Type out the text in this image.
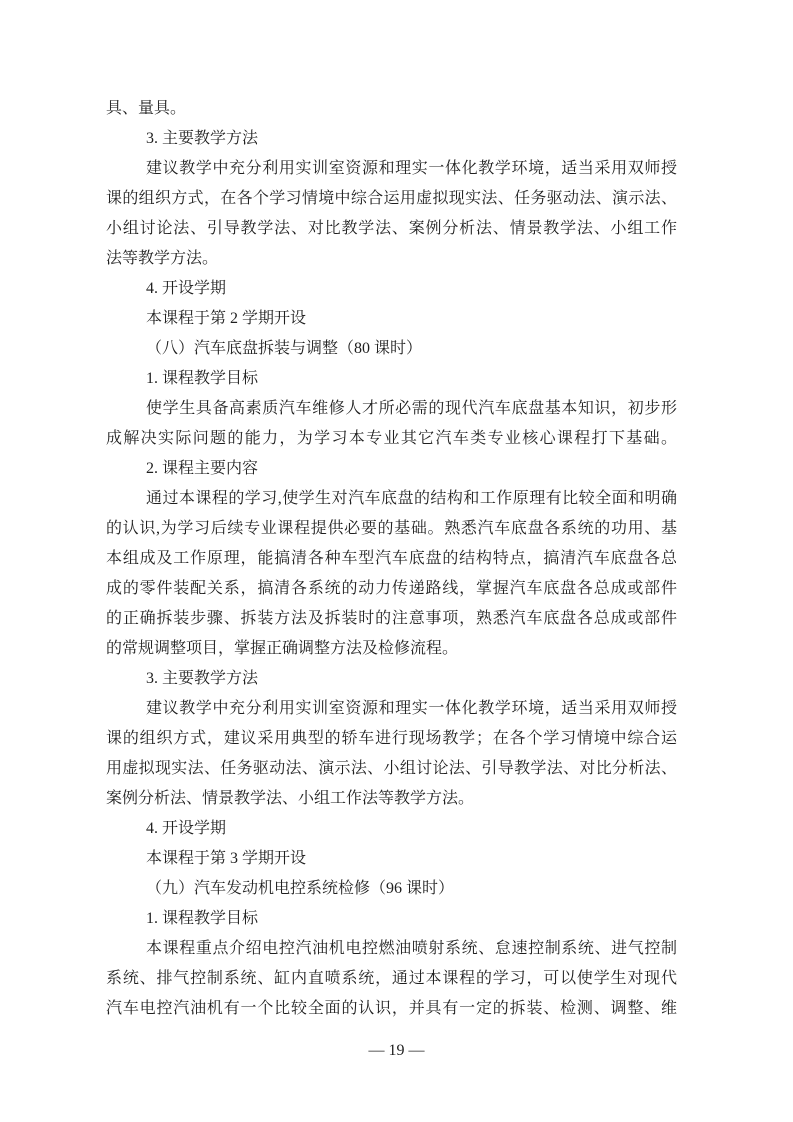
具、量具。
3. 主要教学方法
建议教学中充分利用实训室资源和理实一体化教学环境，适当采用双师授
课的组织方式，在各个学习情境中综合运用虚拟现实法、任务驱动法、演示法、
小组讨论法、引导教学法、对比教学法、案例分析法、情景教学法、小组工作
法等教学方法。
4. 开设学期
本课程于第 2 学期开设
（八）汽车底盘拆装与调整（80 课时）
1. 课程教学目标
使学生具备高素质汽车维修人才所必需的现代汽车底盘基本知识，初步形
成解决实际问题的能力，为学习本专业其它汽车类专业核心课程打下基础。
2. 课程主要内容
通过本课程的学习,使学生对汽车底盘的结构和工作原理有比较全面和明确
的认识,为学习后续专业课程提供必要的基础。熟悉汽车底盘各系统的功用、基
本组成及工作原理，能搞清各种车型汽车底盘的结构特点，搞清汽车底盘各总
成的零件装配关系，搞清各系统的动力传递路线，掌握汽车底盘各总成或部件
的正确拆装步骤、拆装方法及拆装时的注意事项，熟悉汽车底盘各总成或部件
的常规调整项目，掌握正确调整方法及检修流程。
3. 主要教学方法
建议教学中充分利用实训室资源和理实一体化教学环境，适当采用双师授
课的组织方式，建议采用典型的轿车进行现场教学；在各个学习情境中综合运
用虚拟现实法、任务驱动法、演示法、小组讨论法、引导教学法、对比分析法、
案例分析法、情景教学法、小组工作法等教学方法。
4. 开设学期
本课程于第 3 学期开设
（九）汽车发动机电控系统检修（96 课时）
1. 课程教学目标
本课程重点介绍电控汽油机电控燃油喷射系统、怠速控制系统、进气控制
系统、排气控制系统、缸内直喷系统，通过本课程的学习，可以使学生对现代
汽车电控汽油机有一个比较全面的认识，并具有一定的拆装、检测、调整、维
— 19 —
